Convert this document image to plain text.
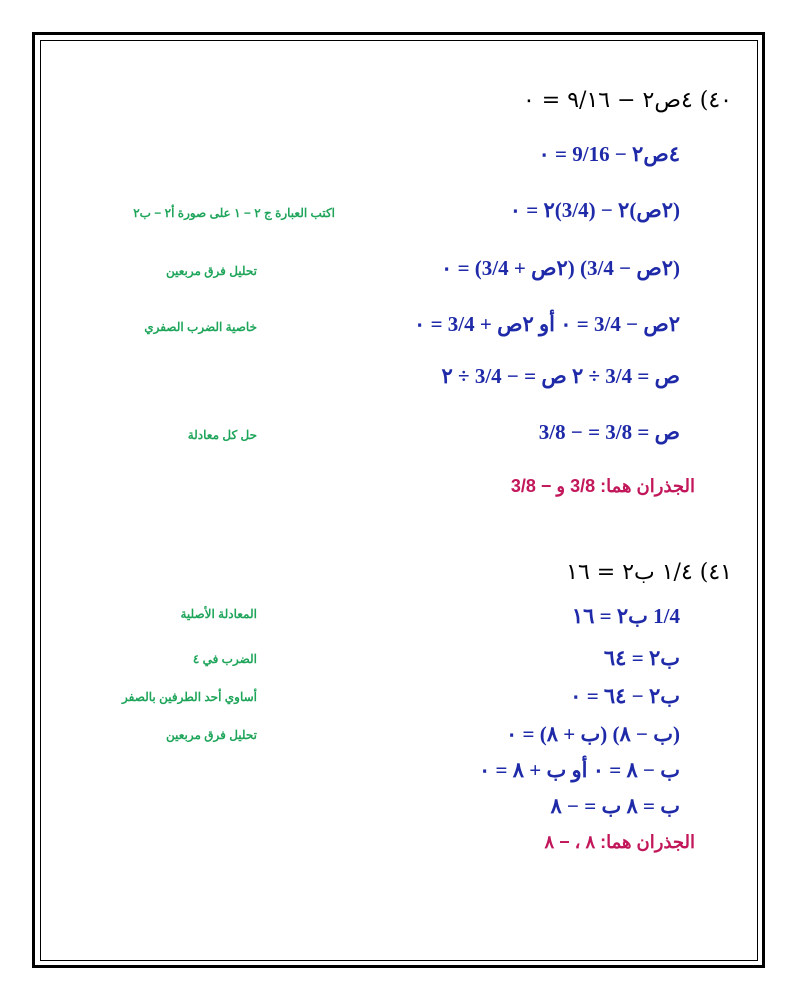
٤٠) ٤ص٢ − ٩/١٦ = ٠
٤ص٢ − 9/16 = ٠
(٢ص)٢ − (3/4)٢ = ٠
اكتب العبارة ج ٢ − ١ على صورة أ٢ − ب٢
(٢ص − 3/4) (٢ص + 3/4) = ٠
تحليل فرق مربعين
٢ص − 3/4 = ٠ أو ٢ص + 3/4 = ٠
خاصية الضرب الصفري
ص = 3/4 ÷ ٢ ص = − 3/4 ÷ ٢
ص = 3/8 = − 3/8
حل كل معادلة
الجذران هما: 3/8 و − 3/8
٤١) ١/٤ ب٢ = ١٦
1/4 ب٢ = ١٦
المعادلة الأصلية
ب٢ = ٦٤
الضرب في ٤
ب٢ − ٦٤ = ٠
أساوي أحد الطرفين بالصفر
(ب − ٨) (ب + ٨) = ٠
تحليل فرق مربعين
ب − ٨ = ٠ أو ب + ٨ = ٠
ب = ٨ ب = − ٨
الجذران هما: ٨ ، − ٨
